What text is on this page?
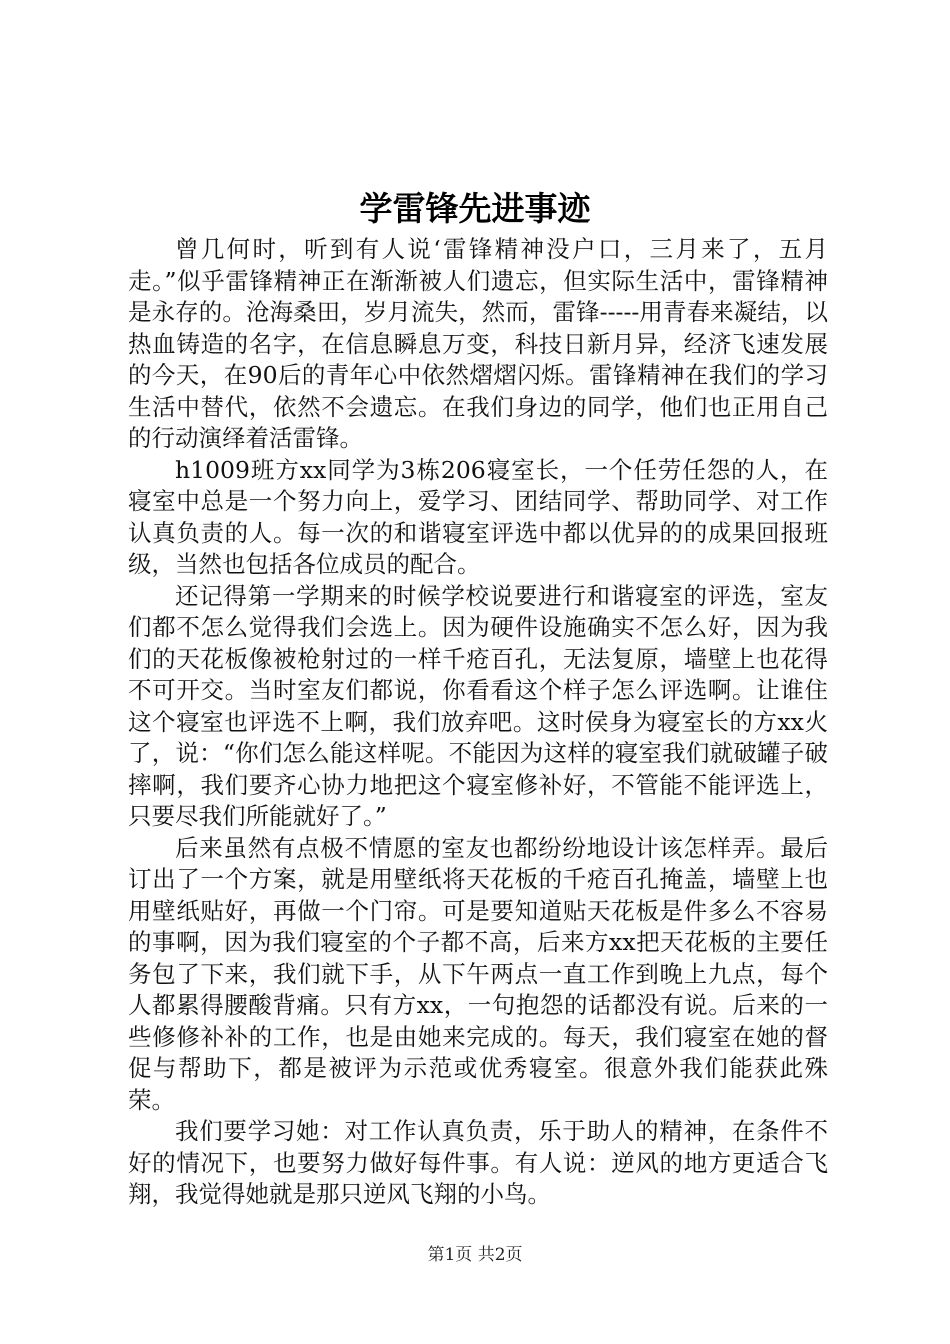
学雷锋先进事迹

曾几何时，听到有人说‘雷锋精神没户口，三月来了，五月走。”似乎雷锋精神正在渐渐被人们遗忘，但实际生活中，雷锋精神是永存的。沧海桑田，岁月流失，然而，雷锋-----用青春来凝结，以热血铸造的名字，在信息瞬息万变，科技日新月异，经济飞速发展的今天，在90后的青年心中依然熠熠闪烁。雷锋精神在我们的学习生活中替代，依然不会遗忘。在我们身边的同学，他们也正用自己的行动演绎着活雷锋。

h1009班方xx同学为3栋206寝室长，一个任劳任怨的人，在寝室中总是一个努力向上，爱学习、团结同学、帮助同学、对工作认真负责的人。每一次的和谐寝室评选中都以优异的的成果回报班级，当然也包括各位成员的配合。

还记得第一学期来的时候学校说要进行和谐寝室的评选，室友们都不怎么觉得我们会选上。因为硬件设施确实不怎么好，因为我们的天花板像被枪射过的一样千疮百孔，无法复原，墙壁上也花得不可开交。当时室友们都说，你看看这个样子怎么评选啊。让谁住这个寝室也评选不上啊，我们放弃吧。这时侯身为寝室长的方xx火了，说：“你们怎么能这样呢。不能因为这样的寝室我们就破罐子破摔啊，我们要齐心协力地把这个寝室修补好，不管能不能评选上，只要尽我们所能就好了。”

后来虽然有点极不情愿的室友也都纷纷地设计该怎样弄。最后订出了一个方案，就是用壁纸将天花板的千疮百孔掩盖，墙壁上也用壁纸贴好，再做一个门帘。可是要知道贴天花板是件多么不容易的事啊，因为我们寝室的个子都不高，后来方xx把天花板的主要任务包了下来，我们就下手，从下午两点一直工作到晚上九点，每个人都累得腰酸背痛。只有方xx，一句抱怨的话都没有说。后来的一些修修补补的工作，也是由她来完成的。每天，我们寝室在她的督促与帮助下，都是被评为示范或优秀寝室。很意外我们能获此殊荣。

我们要学习她：对工作认真负责，乐于助人的精神，在条件不好的情况下，也要努力做好每件事。有人说：逆风的地方更适合飞翔，我觉得她就是那只逆风飞翔的小鸟。

第1页 共2页
